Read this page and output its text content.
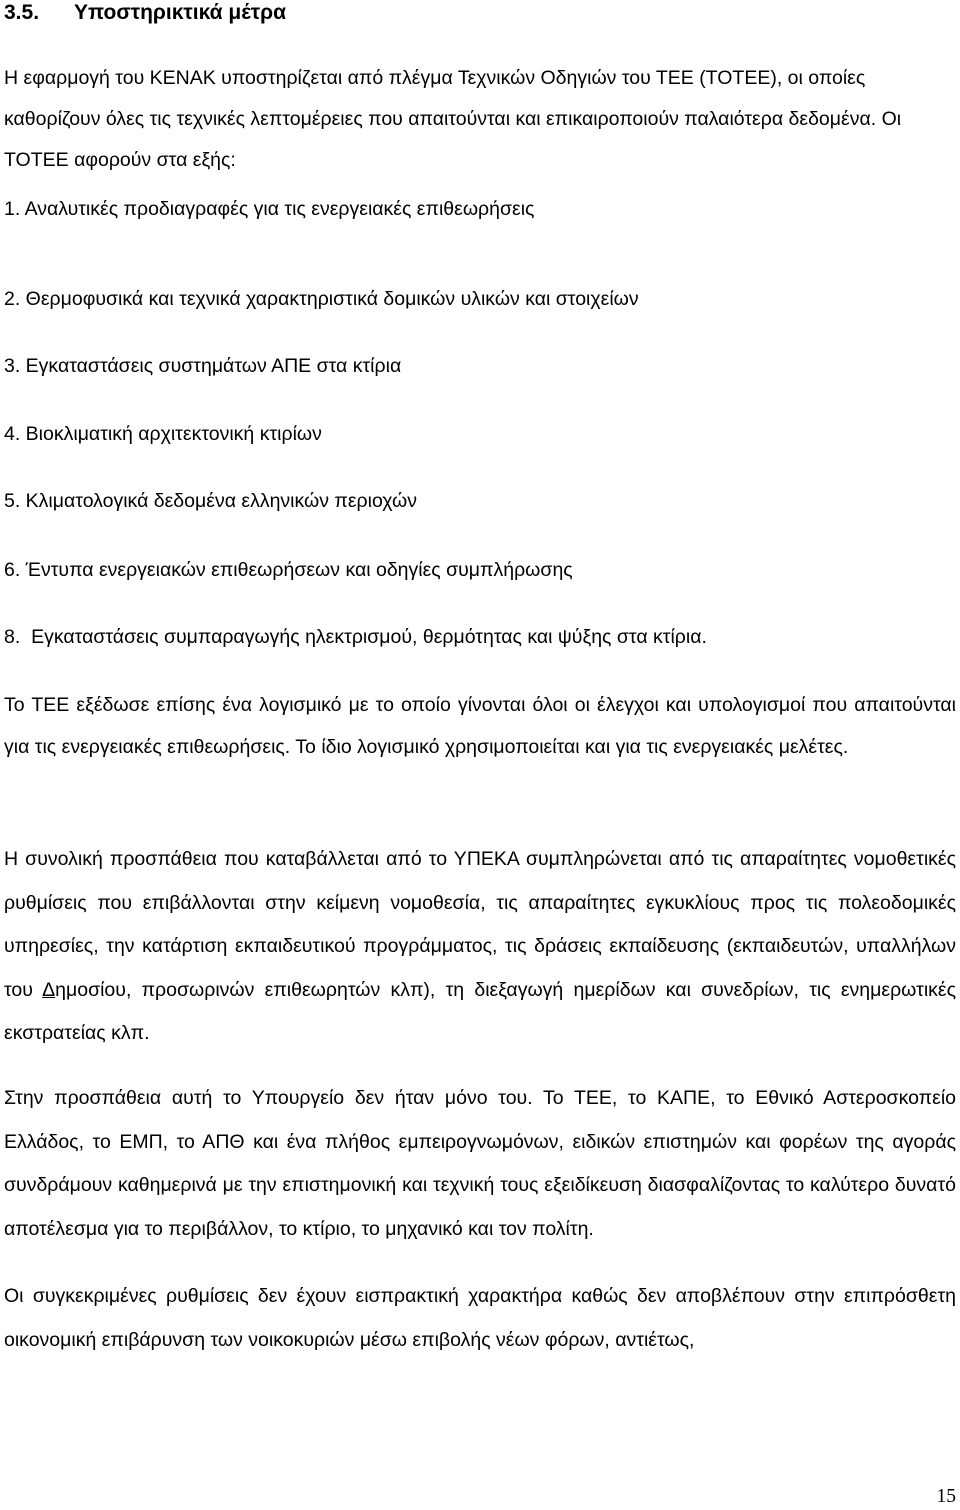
3.5. Υποστηρικτικά μέτρα
Η εφαρμογή του ΚΕΝΑΚ υποστηρίζεται από πλέγμα Τεχνικών Οδηγιών του ΤΕΕ (ΤΟΤΕΕ), οι οποίες καθορίζουν όλες τις τεχνικές λεπτομέρειες που απαιτούνται και επικαιροποιούν παλαιότερα δεδομένα. Οι ΤΟΤΕΕ αφορούν στα εξής:
1. Αναλυτικές προδιαγραφές για τις ενεργειακές επιθεωρήσεις
2. Θερμοφυσικά και τεχνικά χαρακτηριστικά δομικών υλικών και στοιχείων
3. Εγκαταστάσεις συστημάτων ΑΠΕ στα κτίρια
4. Βιοκλιματική αρχιτεκτονική κτιρίων
5. Κλιματολογικά δεδομένα ελληνικών περιοχών
6. Έντυπα ενεργειακών επιθεωρήσεων και οδηγίες συμπλήρωσης
8.  Εγκαταστάσεις συμπαραγωγής ηλεκτρισμού, θερμότητας και ψύξης στα κτίρια.
Το ΤΕΕ εξέδωσε επίσης ένα λογισμικό με το οποίο γίνονται όλοι οι έλεγχοι και υπολογισμοί που απαιτούνται για τις ενεργειακές επιθεωρήσεις. Το ίδιο λογισμικό χρησιμοποιείται και για τις ενεργειακές μελέτες.
Η συνολική προσπάθεια που καταβάλλεται από το ΥΠΕΚΑ συμπληρώνεται από τις απαραίτητες νομοθετικές ρυθμίσεις που επιβάλλονται στην κείμενη νομοθεσία, τις απαραίτητες εγκυκλίους προς τις πολεοδομικές υπηρεσίες, την κατάρτιση εκπαιδευτικού προγράμματος, τις δράσεις εκπαίδευσης (εκπαιδευτών, υπαλλήλων του Δημοσίου, προσωρινών επιθεωρητών κλπ), τη διεξαγωγή ημερίδων και συνεδρίων, τις ενημερωτικές εκστρατείας κλπ.
Στην προσπάθεια αυτή το Υπουργείο δεν ήταν μόνο του. Το ΤΕΕ, το ΚΑΠΕ, το Εθνικό Αστεροσκοπείο Ελλάδος, το ΕΜΠ, το ΑΠΘ και ένα πλήθος εμπειρογνωμόνων, ειδικών επιστημών και φορέων της αγοράς συνδράμουν καθημερινά με την επιστημονική και τεχνική τους εξειδίκευση διασφαλίζοντας το καλύτερο δυνατό αποτέλεσμα για το περιβάλλον, το κτίριο, το μηχανικό και τον πολίτη.
Οι συγκεκριμένες ρυθμίσεις δεν έχουν εισπρακτική χαρακτήρα καθώς δεν αποβλέπουν στην επιπρόσθετη οικονομική επιβάρυνση των νοικοκυριών μέσω επιβολής νέων φόρων, αντιέτως,
15
